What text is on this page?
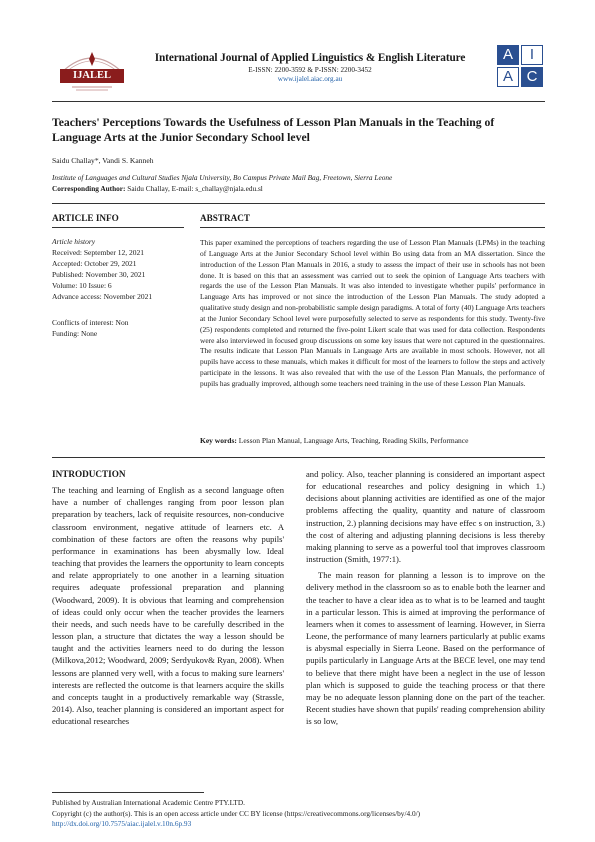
IJALEL
International Journal of Applied Linguistics & English Literature
E-ISSN: 2200-3592 & P-ISSN: 2200-3452
www.ijalel.aiac.org.au
A	I
A C
Teachers' Perceptions Towards the Usefulness of Lesson Plan Manuals in the Teaching of Language Arts at the Junior Secondary School level
Saidu Challay*, Vandi S. Kanneh
Institute of Languages and Cultural Studies Njala University, Bo Campus Private Mail Bag, Freetown, Sierra Leone
Corresponding Author: Saidu Challay, E-mail: s_challay@njala.edu.sl
ARTICLE INFO
Article history
Received: September 12, 2021
Accepted: October 29, 2021
Published: November 30, 2021
Volume: 10 Issue: 6
Advance access: November 2021
Conflicts of interest: Non
Funding: None
ABSTRACT
This paper examined the perceptions of teachers regarding the use of Lesson Plan Manuals (LPMs) in the teaching of Language Arts at the Junior Secondary School level within Bo using data from an MA dissertation. Since the introduction of the Lesson Plan Manuals in 2016, a study to assess the impact of their use in schools has not been done. It is based on this that an assessment was carried out to seek the opinion of Language Arts teachers with regards the use of the Lesson Plan Manuals. It was also intended to investigate whether pupils' performance in Language Arts has improved or not since the introduction of the Lesson Plan Manuals. The study adopted a qualitative study design and non-probabilistic sample design paradigms. A total of forty (40) Language Arts teachers at the Junior Secondary School level were purposefully selected to serve as respondents for this study. Twenty-five (25) respondents completed and returned the five-point Likert scale that was used for data collection. Respondents were also interviewed in focused group discussions on some key issues that were not captured in the questionnaires. The results indicate that Lesson Plan Manuals in Language Arts are available in most schools. However, not all pupils have access to these manuals, which makes it difficult for most of the learners to follow the steps and actively participate in the lessons. It was also revealed that with the use of the Lesson Plan Manuals, the performance of pupils has gradually improved, although some teachers need training in the use of these Lesson Plan Manuals.
Key words: Lesson Plan Manual, Language Arts, Teaching, Reading Skills, Performance
INTRODUCTION

The teaching and learning of English as a second language often have a number of challenges ranging from poor lesson plan preparation by teachers, lack of requisite resources, non-conducive classroom environment, negative attitude of learners etc. A combination of these factors are often the reasons why pupils' performance in examinations has been abysmally low. Ideal teaching that provides the learners the opportunity to learn concepts and relate appropriately to one another in a learning situation requires adequate professional preparation and planning (Woodward, 2009). It is obvious that learning and comprehension of ideas could only occur when the teacher provides the learners their needs, and such needs have to be carefully described in the lesson plan, a structure that dictates the way a lesson should be taught and the activities learners need to do during the lesson (Milkova,2012; Woodward, 2009; Serdyukov& Ryan, 2008). When lessons are planned very well, with a focus to making sure learners' interests are reflected the outcome is that learners acquire the skills and concepts taught in a productively remarkable way (Strassle, 2014). Also, teacher planning is considered an important aspect for educational researches

and policy. Also, teacher planning is considered an important aspect for educational researches and policy designing in which 1.) decisions about planning activities are identified as one of the major problems affecting the quality, quantity and nature of classroom instruction, 2.) planning decisions may have effec s on instruction, 3.) the cost of altering and adjusting planning decisions is less thereby making planning to serve as a powerful tool that improves classroom instruction (Smith, 1977:1).

The main reason for planning a lesson is to improve on the delivery method in the classroom so as to enable both the learner and the teacher to have a clear idea as to what is to be learned and taught in a particular lesson. This is aimed at improving the performance of learners when it comes to assessment of learning. However, in Sierra Leone, the performance of many learners particularly at public exams is abysmal especially in Sierra Leone. Based on the performance of pupils particularly in Language Arts at the BECE level, one may tend to believe that there might have been a neglect in the use of lesson plan which is supposed to guide the teaching process or that there may be no adequate lesson planning done on the part of the teacher. Recent studies have shown that pupils' reading comprehension ability is so low,

Published by Australian International Academic Centre PTY.LTD.
Copyright (c) the author(s). This is an open access article under CC BY license (https://creativecommons.org/licenses/by/4.0/)
http://dx.doi.org/10.7575/aiac.ijalel.v.10n.6p.93
